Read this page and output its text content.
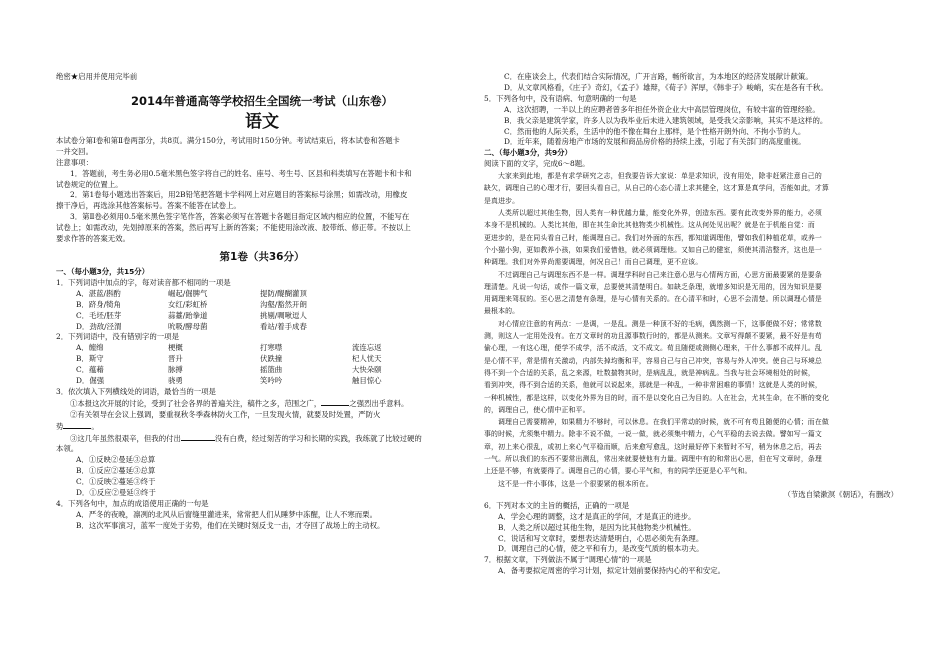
绝密★启用并使用完毕前
2014年普通高等学校招生全国统一考试（山东卷）
语文
本试卷分第Ⅰ卷和第Ⅱ卷两部分，共8页。满分150分，考试用时150分钟。考试结束后，将本试卷和答题卡
一并交回。
注意事项：
1．答题前，考生务必用0.5毫米黑色签字将自己的姓名、座号、考生号、区县和科类填写在答题卡和卡和
试卷规定的位置上。
2．第1卷每小题选出答案后，用2B铅笔把答题卡学科网上对应题目的答案标号涂黑；如需改动，用橡皮
擦干净后，再选涂其他答案标号。答案不能答在试卷上。
3．第Ⅱ卷必须用0.5毫米黑色签字笔作答，答案必须写在答题卡各题目指定区域内相应的位置，不能写在
试卷上；如需改动，先划掉原来的答案，然后再写上新的答案；不能使用涂改液、胶带纸、修正带。不按以上
要求作答的答案无效。
第1卷（共36分）
一、（每小题3分，共15分）
1．下列词语中加点的字，每对读音都不相同的一项是
A．湛蓝/斟酌	崛起/倔脾气	提防/醍醐灌顶
B．跻身/犄角	女红/彩虹桥	沟壑/豁然开朗
C．毛坯/胚芽	蒜薹/跆拳道	挑剔/啁啾逗人
D．劲敌/泾渭	吮吸/酵母菌	看站/着手成春
2．下列词语中，没有错别字的一项是
A．缠绵	梗概	打寒噤	流连忘返
B．斯守	晋升	伏跌撞	杞人忧天
C．蕴藉	脉搏	摇篮曲	大快朵颐
D．倔强	骁勇	笑吟吟	触目惊心
3．依次填入下列横线处的词语，最恰当的一项是
①本报这次开展的讨论，受到了社会各界的普遍关注，稿件之多，范围之广，	之强烈出乎意料。
②有关领导在会议上强调，要重视秋冬季森林防火工作，一旦发现火情，就要及时处置，严防火
势	。
③这几年虽然很艰辛，但我的付出	没有白费，经过刻苦的学习和长期的实践，我练就了比较过硬的
本领。
A．①反映②曼延③总算
B．①反应②蔓延③总算
C．①反映②蔓延③终于
D．①反应②曼延③终于
4．下列各句中，加点的成语使用正确的一句是
A．严冬的夜晚，凛冽的北风从后窗缝里灌进来，常常把人们从睡梦中冻醒，让人不寒而栗。
B．这次军事演习，蓝军一度处于劣势，他们在关键时刻反戈一击，才夺回了战场上的主动权。
C．在座谈会上，代表们结合实际情况，广开言路，畅所欲言，为本地区的经济发展献计献策。
D．从文章风格看，《庄子》奇幻，《孟子》雄辩，《荀子》浑厚，《韩非子》峻峭，实在是各有千秋。
5．下列各句中，没有语病、句意明确的一句是
A．这次招聘，一半以上的应聘者曾多年担任外资企业大中高层管理岗位，有较丰富的管理经验。
B．我父亲是建筑学家，许多人以为我毕业后未进入建筑领域，是受我父亲影响，其实不是这样的。
C．然而他的人际关系，生活中的他不像在舞台上那样，是个性格开朗外向、不拘小节的人。
D．近年来，随着房地产市场的发展和商品房价格的持续上涨，引起了有关部门的高度重视。
二、（每小题3分，共9分）
阅读下面的文字，完成6～8题。
大家来到此地，都是有求学研究之志，但我要告诉大家说：单是求知识，没有用处，除非赶紧注意自己的
缺欠，调理自己的心理才行，要回头看自己，从自己的心态心清上求其健全，这才算是真学问，否能如此，才算
是真进步。
人类所以超过其他生物，因人类有一种优越力量，能变化外界，创造东西。要有此改变外界的能力，必须
本身不是机械的。人类比其他，即在其生命比其他物类少机械性。这从何处见出呢？就是在于机能自觉：而
更进步的，是在同头看自己时，能调理自己。我们对外面的东西，都知道调理他，譬如我们种植花草，或养一
个小猫小狗，更如教养小孩，如果我们爱惜他，就必须调理他。又如自己的健室，须使其清洁整齐，这也是一
种调理。我们对外界尚需要调理，何况自己！而自己调理，更不应该。
不过调理自己与调理东西不是一样。调理学科时自己来注意心思与心情两方面，心思方面最要紧的是要条
理清楚。凡说一句话，或作一篇文章，总要使其清楚明白。如缺乏条理，就增多知识是无用的，因为知识是要
用调理来驾驭的。至心思之清楚有条理，是与心情有关系的。在心清平和时，心思不会清楚。所以调理心情是
最根本的。
对心情应注意的有两点：一是调，一是乱。测是一种顶不好的毛病，偶然测一下，这事便做不好；常常数
测，则这人一定用处没有。在万文章时的功且源事数行时的，都是从测来。文章写得颠不要紧，最不好是有苟
偷心理，一有这心理，便学不成学，活不成活，文不成文。荀且随便或测侧心理来，干什么事都不成样儿。乱
是心情不平，常是情有关激动，内部失掉均衡和平，容易自己与自己冲突，容易与外人冲突。使自己与环境总
得不到一个合适的关系，乱之来源，吐数揣物其时，是病乱乱，就是神病乱。当我与社会环境相处的时候，
看到冲突，得不到合适的关系，他就可以说起来，那就是一种乱，一种非常困难的事情！这就是人类的时候，
一种机械性，都是这样，以变化外界为目的时，而不是以变化自己为目的。人在社会，尤其生命，在不断的变化
的，调理自己，使心情中正和平。
调理自己需要精神，如果精力不够时，可以休息。在我们平常动的时候，就不可有苟且随便的心情；而在做
事的时候，尤须集中精力。除非不说不做，一说一做，就必须集中精力，心气平稳的去说去做。譬如写一篇文
章，初上来心很乱，或初上来心气平稳而顺，后来愈写愈乱，这时最好停下来暂时不写，稍为休息之后，再去
一气。所以我们的东西不要常出测乱，常出来就要使他有力量。调理中有的和常出心思，但在写文章时，条理
上还是不够，有就要得了。调理自己的心情，要心平气和，有的同学还更是心平气和。
这不是一件小事体，这是一个很要紧的根本所在。
（节选自梁漱溟《朝话》，有删改）
6．下列对本文的主旨的概括，正确的一项是
A．学会心理的调整，这才是真正的学问，才是真正的进步。
B．人类之所以超过其他生物，是因为比其他物类少机械性。
C．说话和写文章时，要想表达清楚明白，心思必须先有条理。
D．调理自己的心情，使之平和有力，是改变气质的根本功夫。
7．根据文章，下列做法不属于“调理心情”的一项是
A．备考要拟定周密的学习计划，拟定计划前要保持内心的平和安定。
